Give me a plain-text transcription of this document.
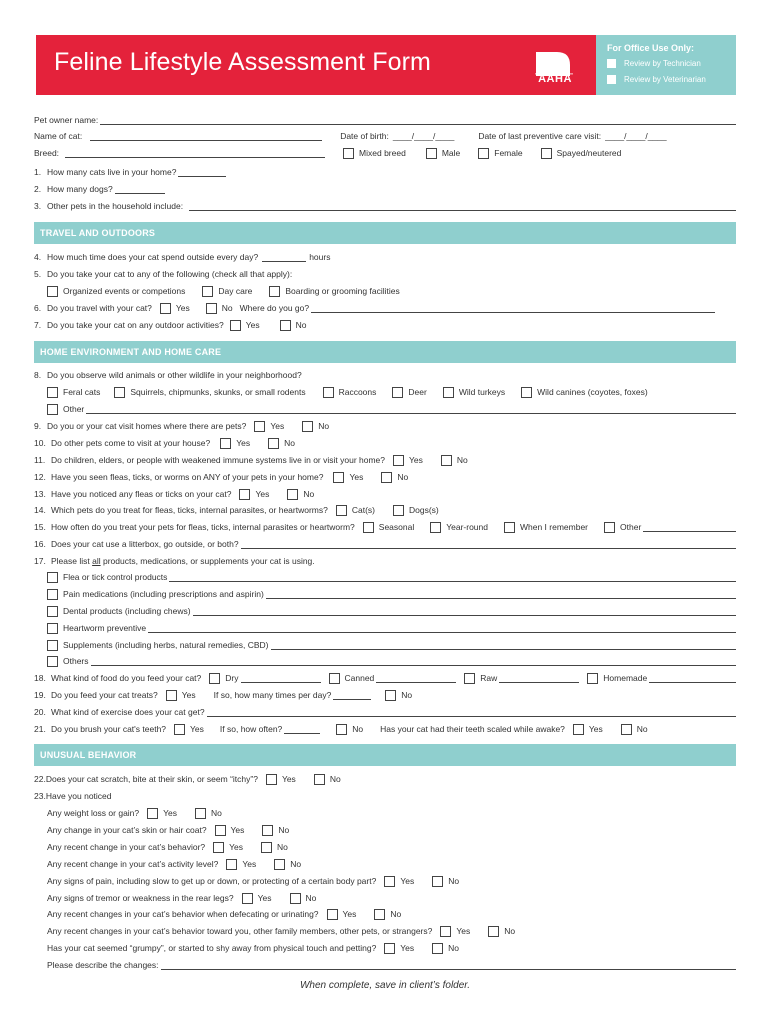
Feline Lifestyle Assessment Form
AAHA
For Office Use Only:
Review by Technician
Review by Veterinarian
Pet owner name:
Name of cat:	Date of birth: ____/____/____	Date of last preventive care visit: ____/____/____
Breed:	Mixed breed	Male	Female	Spayed/neutered
1. How many cats live in your home?
2. How many dogs?
3. Other pets in the household include:
TRAVEL AND OUTDOORS
4. How much time does your cat spend outside every day?	hours
5. Do you take your cat to any of the following (check all that apply):
Organized events or competions	Day care	Boarding or grooming facilities
6. Do you travel with your cat?	Yes	No Where do you go?
7. Do you take your cat on any outdoor activities?	Yes	No
HOME ENVIRONMENT AND HOME CARE
8. Do you observe wild animals or other wildlife in your neighborhood?
Feral cats	Squirrels, chipmunks, skunks, or small rodents	Raccoons	Deer	Wild turkeys	Wild canines (coyotes, foxes)
Other
9. Do you or your cat visit homes where there are pets?	Yes	No
10. Do other pets come to visit at your house?	Yes	No
11. Do children, elders, or people with weakened immune systems live in or visit your home?	Yes	No
12. Have you seen fleas, ticks, or worms on ANY of your pets in your home?	Yes	No
13. Have you noticed any fleas or ticks on your cat?	Yes	No
14. Which pets do you treat for fleas, ticks, internal parasites, or heartworms?	Cat(s)	Dogs(s)
15. How often do you treat your pets for fleas, ticks, internal parasites or heartworm?	Seasonal	Year-round	When I remember	Other
16. Does your cat use a litterbox, go outside, or both?
17. Please list all products, medications, or supplements your cat is using.
Flea or tick control products
Pain medications (including prescriptions and aspirin)
Dental products (including chews)
Heartworm preventive
Supplements (including herbs, natural remedies, CBD)
Others
18. What kind of food do you feed your cat?	Dry	Canned	Raw	Homemade
19. Do you feed your cat treats?	Yes If so, how many times per day?	No
20. What kind of exercise does your cat get?
21. Do you brush your cat's teeth?	Yes If so, how often?	No Has your cat had their teeth scaled while awake?	Yes	No
UNUSUAL BEHAVIOR
22. Does your cat scratch, bite at their skin, or seem “itchy”?	Yes	No
23. Have you noticed
Any weight loss or gain?	Yes	No
Any change in your cat’s skin or hair coat?	Yes	No
Any recent change in your cat’s behavior?	Yes	No
Any recent change in your cat’s activity level?	Yes	No
Any signs of pain, including slow to get up or down, or protecting of a certain body part?	Yes	No
Any signs of tremor or weakness in the rear legs?	Yes	No
Any recent changes in your cat’s behavior when defecating or urinating?	Yes	No
Any recent changes in your cat’s behavior toward you, other family members, other pets, or strangers?	Yes	No
Has your cat seemed “grumpy”, or started to shy away from physical touch and petting?	Yes	No
Please describe the changes:
When complete, save in client’s folder.
